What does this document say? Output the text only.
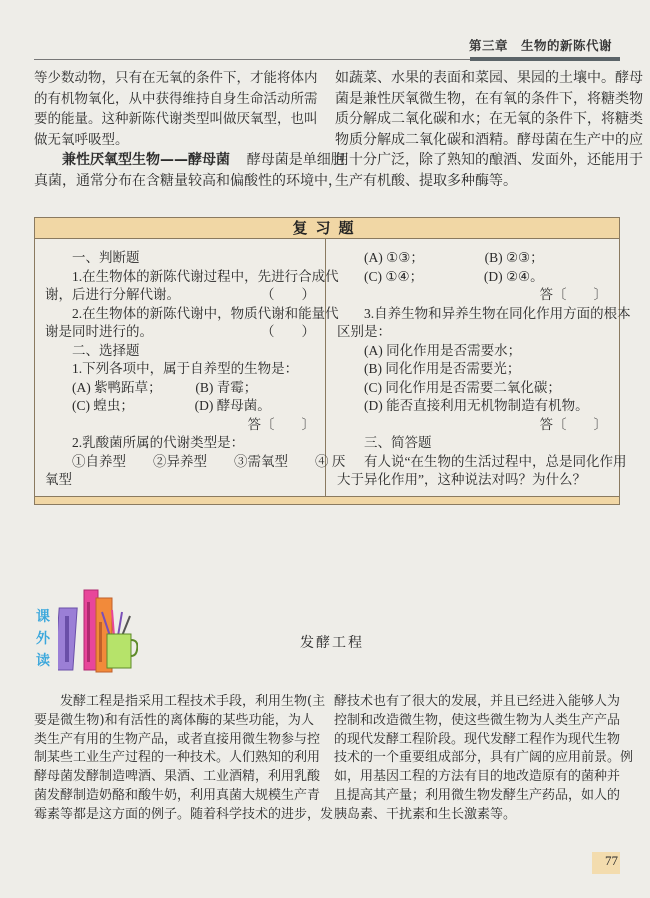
第三章　生物的新陈代谢
等少数动物，只有在无氧的条件下，才能将体内
的有机物氧化，从中获得维持自身生命活动所需
要的能量。这种新陈代谢类型叫做厌氧型，也叫
做无氧呼吸型。
兼性厌氧型生物——酵母菌 酵母菌是单细胞
真菌，通常分布在含糖量较高和偏酸性的环境中，
如蔬菜、水果的表面和菜园、果园的土壤中。酵母
菌是兼性厌氧微生物，在有氧的条件下，将糖类物
质分解成二氧化碳和水；在无氧的条件下，将糖类
物质分解成二氧化碳和酒精。酵母菌在生产中的应
用十分广泛，除了熟知的酿酒、发面外，还能用于
生产有机酸、提取多种酶等。
复习题
一、判断题
1.在生物体的新陈代谢过程中，先进行合成代
谢，后进行分解代谢。　　　　　　　（　　）
2.在生物体的新陈代谢中，物质代谢和能量代
谢是同时进行的。　　　　　　　　　（　　）
二、选择题
1.下列各项中，属于自养型的生物是：
(A) 紫鸭跖草；　　　(B) 青霉；
(C) 蝗虫；　　　　　(D) 酵母菌。
答〔　　〕
2.乳酸菌所属的代谢类型是：
①自养型　　②异养型　　③需氧型　　④ 厌
氧型
(A) ①③；　　　　　(B) ②③；
(C) ①④；　　　　　(D) ②④。
答〔　　〕
3.自养生物和异养生物在同化作用方面的根本
区别是：
(A) 同化作用是否需要水；
(B) 同化作用是否需要光；
(C) 同化作用是否需要二氧化碳；
(D) 能否直接利用无机物制造有机物。
答〔　　〕
三、简答题
有人说“在生物的生活过程中，总是同化作用
大于异化作用”，这种说法对吗？为什么？
课
外
读
发酵工程
发酵工程是指采用工程技术手段，利用生物(主
要是微生物)和有活性的离体酶的某些功能，为人
类生产有用的生物产品，或者直接用微生物参与控
制某些工业生产过程的一种技术。人们熟知的利用
酵母菌发酵制造啤酒、果酒、工业酒精，利用乳酸
菌发酵制造奶酪和酸牛奶，利用真菌大规模生产青
霉素等都是这方面的例子。随着科学技术的进步，发
酵技术也有了很大的发展，并且已经进入能够人为
控制和改造微生物，使这些微生物为人类生产产品
的现代发酵工程阶段。现代发酵工程作为现代生物
技术的一个重要组成部分，具有广阔的应用前景。例
如，用基因工程的方法有目的地改造原有的菌种并
且提高其产量；利用微生物发酵生产药品，如人的
胰岛素、干扰素和生长激素等。
77
